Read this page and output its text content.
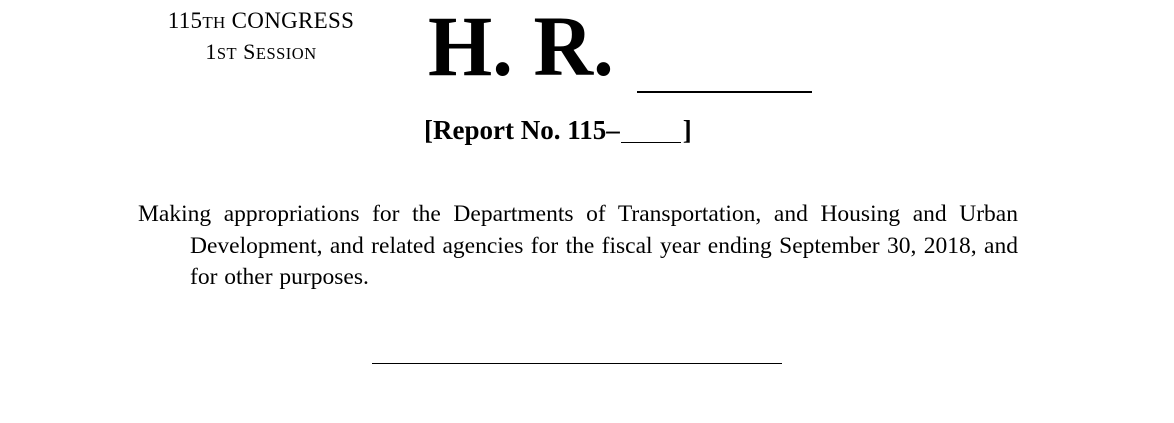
115TH CONGRESS
1ST SESSION	H. R.
[Report No. 115– ]
Making appropriations for the Departments of Transportation, and Housing and Urban Development, and related agencies for the fiscal year ending September 30, 2018, and for other purposes.
